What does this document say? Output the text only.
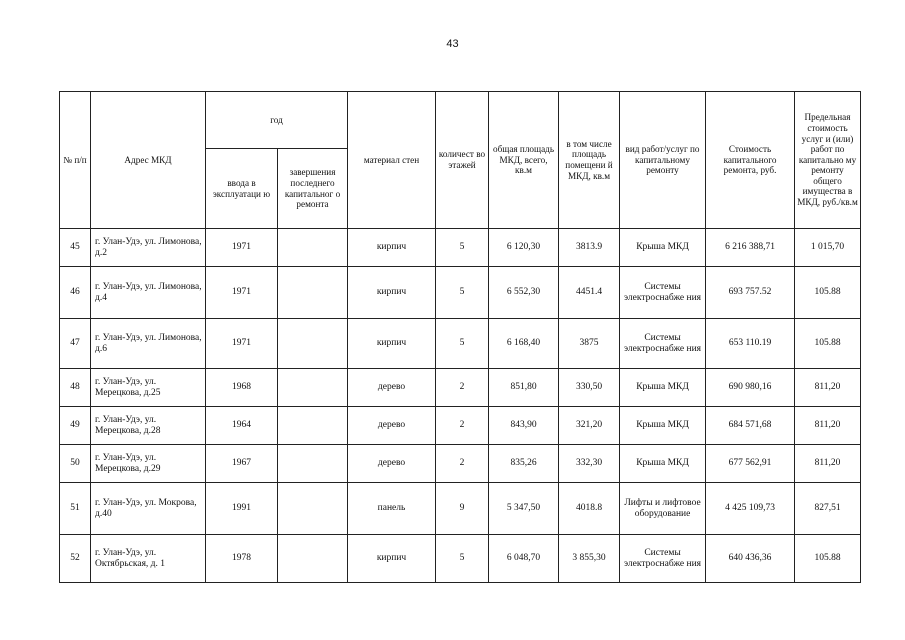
43
№ п/п	Адрес МКД	год		материал стен	количест во этажей	общая площадь МКД, всего, кв.м	в том числе площадь помещени й МКД, кв.м	вид работ/услуг по капитальному ремонту	Стоимость капитального ремонта, руб.	Предельная стоимость услуг и (или) работ по капитально му ремонту общего имущества в МКД, руб./кв.м
		ввода в эксплуатаци ю	завершения последнего капитальног о ремонта							
45	г. Улан-Удэ, ул. Лимонова, д.2	1971		кирпич	5	6 120,30	3813.9	Крыша МКД	6 216 388,71	1 015,70
46	г. Улан-Удэ, ул. Лимонова, д.4	1971		кирпич	5	6 552,30	4451.4	Системы электроснабже ния	693 757.52	105.88
47	г. Улан-Удэ, ул. Лимонова, д.6	1971		кирпич	5	6 168,40	3875	Системы электроснабже ния	653 110.19	105.88
48	г. Улан-Удэ, ул. Мерецкова, д.25	1968		дерево	2	851,80	330,50	Крыша МКД	690 980,16	811,20
49	г. Улан-Удэ, ул. Мерецкова, д.28	1964		дерево	2	843,90	321,20	Крыша МКД	684 571,68	811,20
50	г. Улан-Удэ, ул. Мерецкова, д.29	1967		дерево	2	835,26	332,30	Крыша МКД	677 562,91	811,20
51	г. Улан-Удэ, ул. Мокрова, д.40	1991		панель	9	5 347,50	4018.8	Лифты и лифтовое оборудование	4 425 109,73	827,51
52	г. Улан-Удэ, ул. Октябрьская, д. 1	1978		кирпич	5	6 048,70	3 855,30	Системы электроснабже ния	640 436,36	105.88
